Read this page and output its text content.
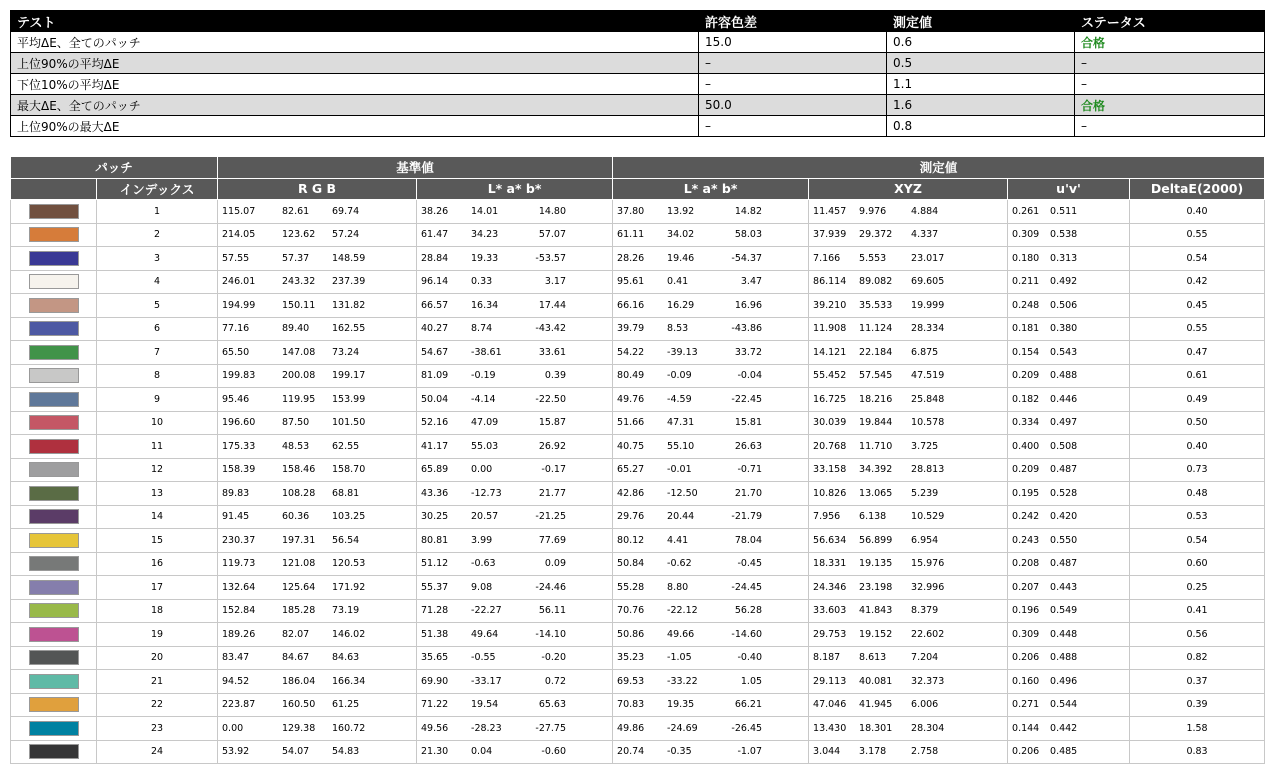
テスト	許容色差	測定値	ステータス
平均ΔE、全てのパッチ	15.0	0.6	合格
上位90%の平均ΔE	–	0.5	–
下位10%の平均ΔE	–	1.1	–
最大ΔE、全てのパッチ	50.0	1.6	合格
上位90%の最大ΔE	–	0.8	–
パッチ		基準値		測定値			
	インデックス	R G B	L* a* b*	L* a* b*	XYZ	u'v'	DeltaE(2000)

	1	115.07 82.61 69.74	38.26 14.01 14.80	37.80 13.92 14.82	11.457 9.976 4.884	0.261 0.511	0.40

	2	214.05 123.62 57.24	61.47 34.23 57.07	61.11 34.02 58.03	37.939 29.372 4.337	0.309 0.538	0.55

	3	57.55 57.37 148.59	28.84 19.33 -53.57	28.26 19.46 -54.37	7.166 5.553 23.017	0.180 0.313	0.54

	4	246.01 243.32 237.39	96.14 0.33 3.17	95.61 0.41 3.47	86.114 89.082 69.605	0.211 0.492	0.42

	5	194.99 150.11 131.82	66.57 16.34 17.44	66.16 16.29 16.96	39.210 35.533 19.999	0.248 0.506	0.45

	6	77.16 89.40 162.55	40.27 8.74 -43.42	39.79 8.53 -43.86	11.908 11.124 28.334	0.181 0.380	0.55

	7	65.50 147.08 73.24	54.67 -38.61 33.61	54.22 -39.13 33.72	14.121 22.184 6.875	0.154 0.543	0.47

	8	199.83 200.08 199.17	81.09 -0.19 0.39	80.49 -0.09 -0.04	55.452 57.545 47.519	0.209 0.488	0.61

	9	95.46 119.95 153.99	50.04 -4.14 -22.50	49.76 -4.59 -22.45	16.725 18.216 25.848	0.182 0.446	0.49

	10	196.60 87.50 101.50	52.16 47.09 15.87	51.66 47.31 15.81	30.039 19.844 10.578	0.334 0.497	0.50

	11	175.33 48.53 62.55	41.17 55.03 26.92	40.75 55.10 26.63	20.768 11.710 3.725	0.400 0.508	0.40

	12	158.39 158.46 158.70	65.89 0.00 -0.17	65.27 -0.01 -0.71	33.158 34.392 28.813	0.209 0.487	0.73

	13	89.83 108.28 68.81	43.36 -12.73 21.77	42.86 -12.50 21.70	10.826 13.065 5.239	0.195 0.528	0.48

	14	91.45 60.36 103.25	30.25 20.57 -21.25	29.76 20.44 -21.79	7.956 6.138 10.529	0.242 0.420	0.53

	15	230.37 197.31 56.54	80.81 3.99 77.69	80.12 4.41 78.04	56.634 56.899 6.954	0.243 0.550	0.54

	16	119.73 121.08 120.53	51.12 -0.63 0.09	50.84 -0.62 -0.45	18.331 19.135 15.976	0.208 0.487	0.60

	17	132.64 125.64 171.92	55.37 9.08 -24.46	55.28 8.80 -24.45	24.346 23.198 32.996	0.207 0.443	0.25

	18	152.84 185.28 73.19	71.28 -22.27 56.11	70.76 -22.12 56.28	33.603 41.843 8.379	0.196 0.549	0.41

	19	189.26 82.07 146.02	51.38 49.64 -14.10	50.86 49.66 -14.60	29.753 19.152 22.602	0.309 0.448	0.56

	20	83.47 84.67 84.63	35.65 -0.55 -0.20	35.23 -1.05 -0.40	8.187 8.613 7.204	0.206 0.488	0.82

	21	94.52 186.04 166.34	69.90 -33.17 0.72	69.53 -33.22 1.05	29.113 40.081 32.373	0.160 0.496	0.37

	22	223.87 160.50 61.25	71.22 19.54 65.63	70.83 19.35 66.21	47.046 41.945 6.006	0.271 0.544	0.39

	23	0.00 129.38 160.72	49.56 -28.23 -27.75	49.86 -24.69 -26.45	13.430 18.301 28.304	0.144 0.442	1.58

	24	53.92 54.07 54.83	21.30 0.04 -0.60	20.74 -0.35 -1.07	3.044 3.178 2.758	0.206 0.485	0.83
